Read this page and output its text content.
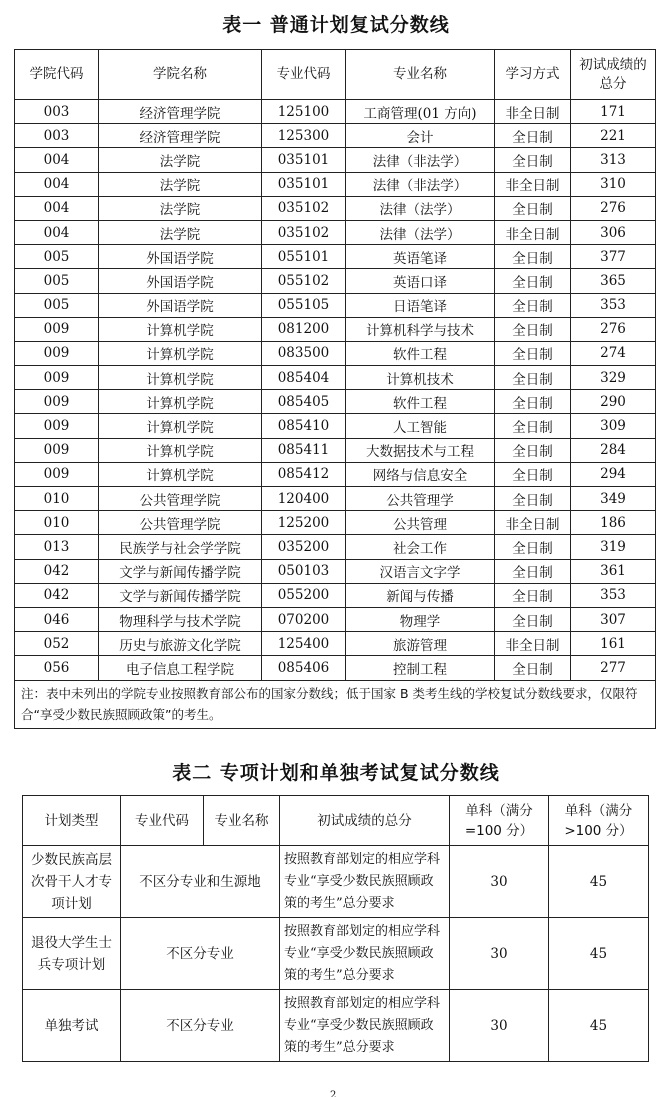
表一 普通计划复试分数线
学院代码	学院名称	专业代码	专业名称	学习方式	初试成绩的总分
003	经济管理学院	125100	工商管理(01 方向)	非全日制	171
003	经济管理学院	125300	会计	全日制	221
004	法学院	035101	法律（非法学）	全日制	313
004	法学院	035101	法律（非法学）	非全日制	310
004	法学院	035102	法律（法学）	全日制	276
004	法学院	035102	法律（法学）	非全日制	306
005	外国语学院	055101	英语笔译	全日制	377
005	外国语学院	055102	英语口译	全日制	365
005	外国语学院	055105	日语笔译	全日制	353
009	计算机学院	081200	计算机科学与技术	全日制	276
009	计算机学院	083500	软件工程	全日制	274
009	计算机学院	085404	计算机技术	全日制	329
009	计算机学院	085405	软件工程	全日制	290
009	计算机学院	085410	人工智能	全日制	309
009	计算机学院	085411	大数据技术与工程	全日制	284
009	计算机学院	085412	网络与信息安全	全日制	294
010	公共管理学院	120400	公共管理学	全日制	349
010	公共管理学院	125200	公共管理	非全日制	186
013	民族学与社会学学院	035200	社会工作	全日制	319
042	文学与新闻传播学院	050103	汉语言文字学	全日制	361
042	文学与新闻传播学院	055200	新闻与传播	全日制	353
046	物理科学与技术学院	070200	物理学	全日制	307
052	历史与旅游文化学院	125400	旅游管理	非全日制	161
056	电子信息工程学院	085406	控制工程	全日制	277
注：表中未列出的学院专业按照教育部公布的国家分数线；低于国家 B 类考生线的学校复试分数线要求，仅限符合“享受少数民族照顾政策”的考生。					
表二 专项计划和单独考试复试分数线
计划类型	专业代码	专业名称	初试成绩的总分	单科（满分=100 分）	单科（满分>100 分）
少数民族高层次骨干人才专项计划	不区分专业和生源地		按照教育部划定的相应学科专业“享受少数民族照顾政策的考生”总分要求	30	45
退役大学生士兵专项计划	不区分专业		按照教育部划定的相应学科专业“享受少数民族照顾政策的考生”总分要求	30	45
单独考试	不区分专业		按照教育部划定的相应学科专业“享受少数民族照顾政策的考生”总分要求	30	45
2
